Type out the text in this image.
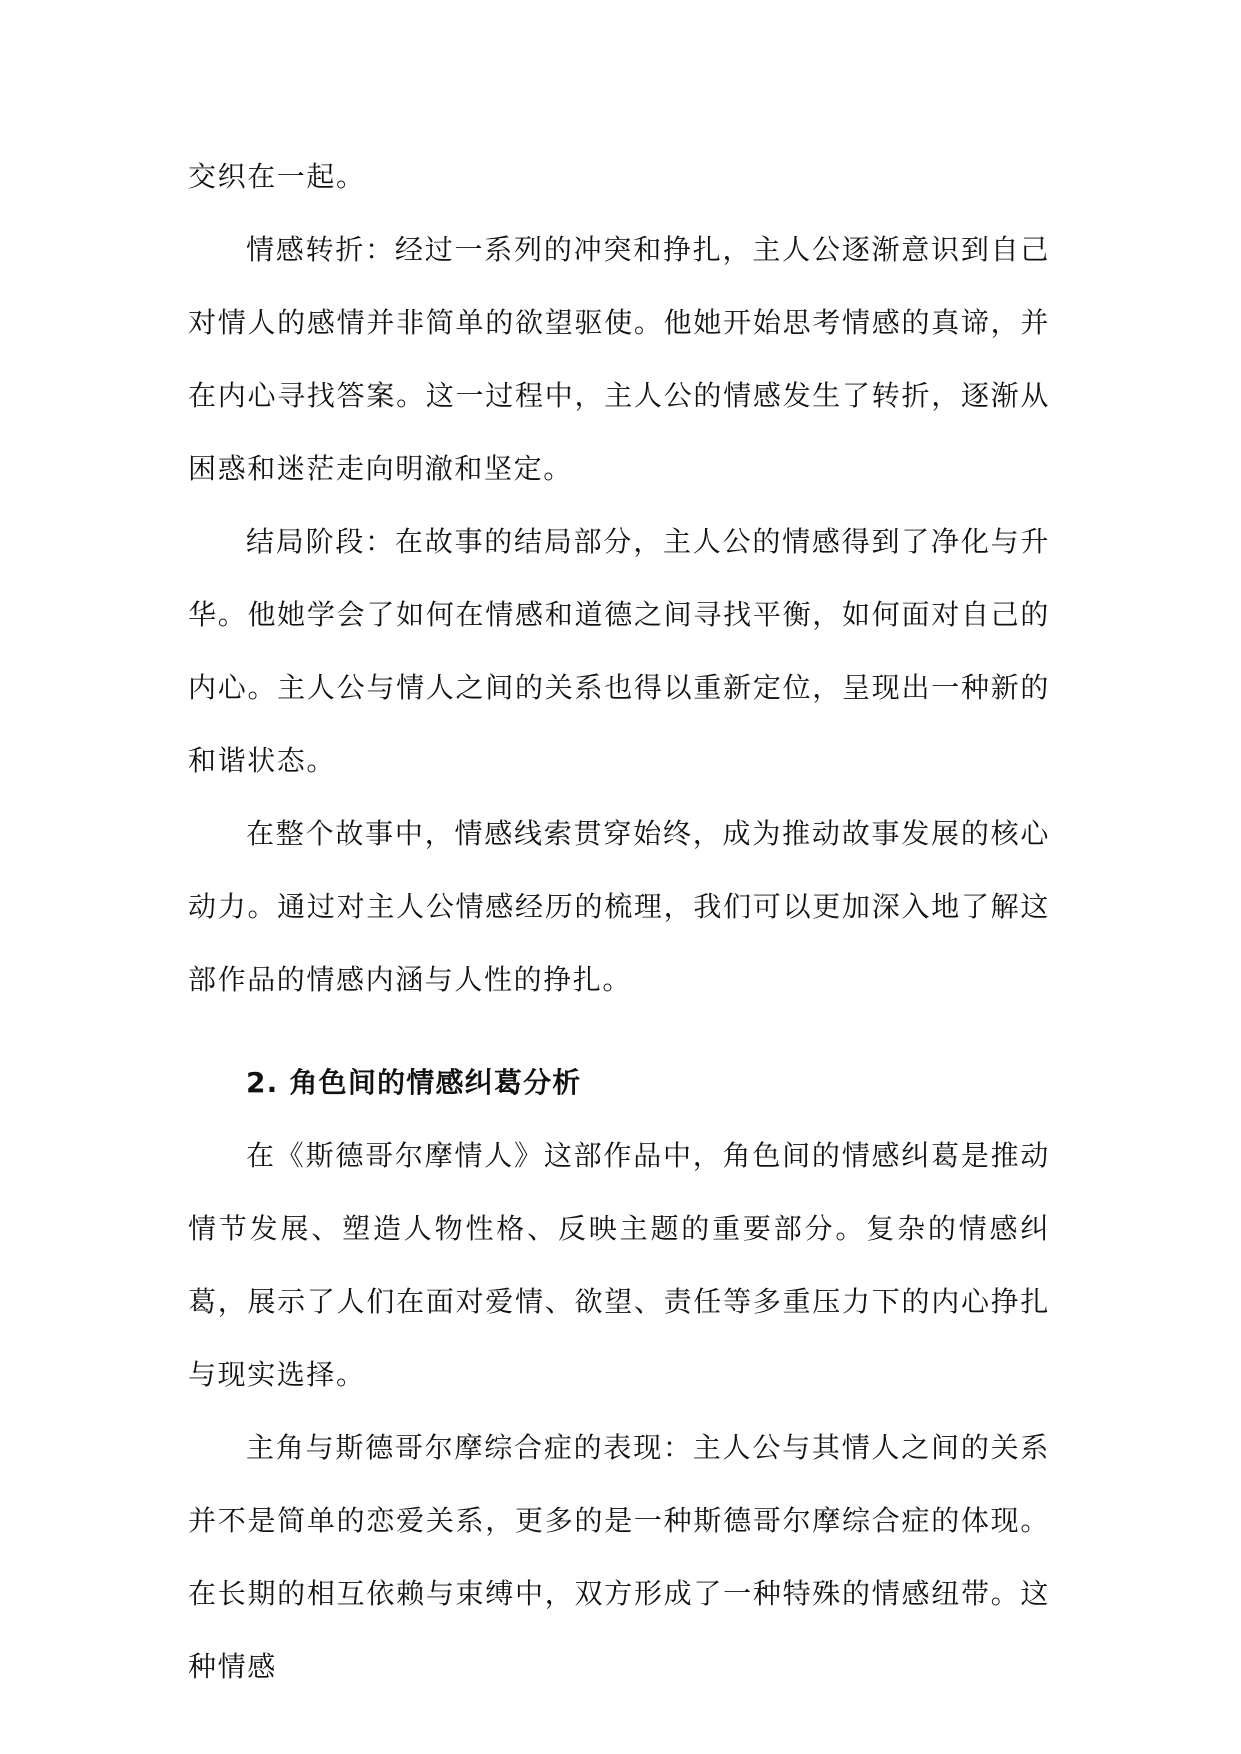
交织在一起。

情感转折：经过一系列的冲突和挣扎，主人公逐渐意识到自己对情人的感情并非简单的欲望驱使。他她开始思考情感的真谛，并在内心寻找答案。这一过程中，主人公的情感发生了转折，逐渐从困惑和迷茫走向明澈和坚定。

结局阶段：在故事的结局部分，主人公的情感得到了净化与升华。他她学会了如何在情感和道德之间寻找平衡，如何面对自己的内心。主人公与情人之间的关系也得以重新定位，呈现出一种新的和谐状态。

在整个故事中，情感线索贯穿始终，成为推动故事发展的核心动力。通过对主人公情感经历的梳理，我们可以更加深入地了解这部作品的情感内涵与人性的挣扎。

2. 角色间的情感纠葛分析

在《斯德哥尔摩情人》这部作品中，角色间的情感纠葛是推动情节发展、塑造人物性格、反映主题的重要部分。复杂的情感纠葛，展示了人们在面对爱情、欲望、责任等多重压力下的内心挣扎与现实选择。

主角与斯德哥尔摩综合症的表现：主人公与其情人之间的关系并不是简单的恋爱关系，更多的是一种斯德哥尔摩综合症的体现。在长期的相互依赖与束缚中，双方形成了一种特殊的情感纽带。这种情感
